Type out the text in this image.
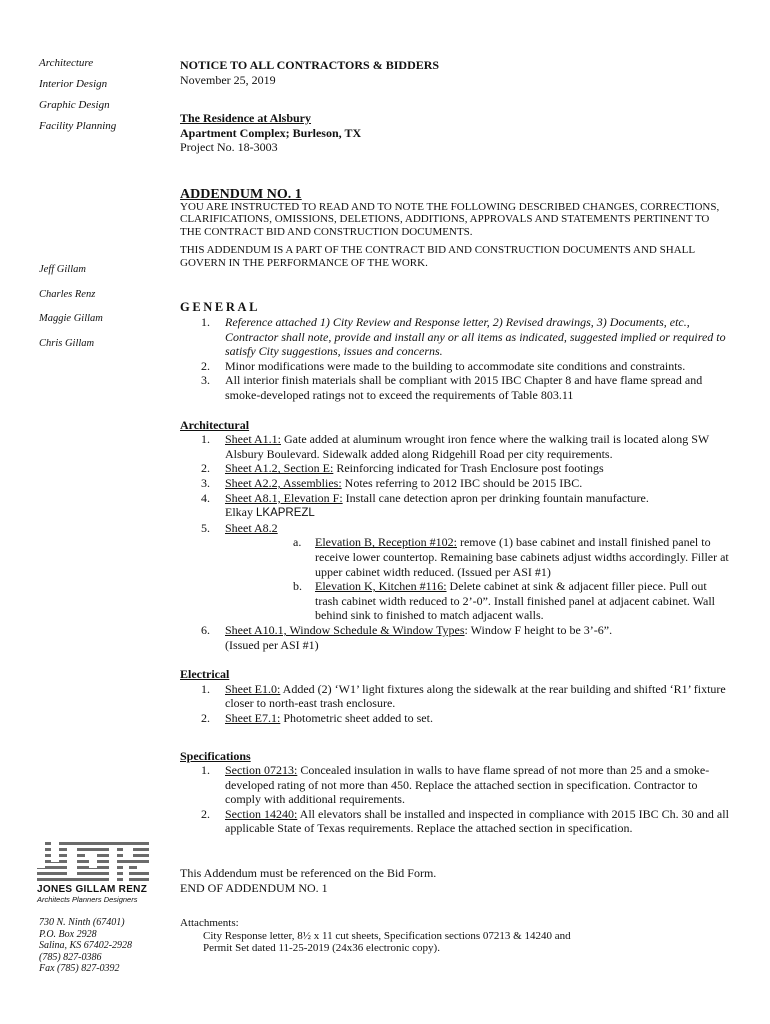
Architecture
Interior Design
Graphic Design
Facility Planning
Jeff Gillam
Charles Renz
Maggie Gillam
Chris Gillam
JONES GILLAM RENZ
Architects Planners Designers
730 N. Ninth (67401)
P.O. Box 2928
Salina, KS 67402-2928
(785) 827-0386
Fax (785) 827-0392
NOTICE TO ALL CONTRACTORS & BIDDERS
November 25, 2019
The Residence at Alsbury
Apartment Complex; Burleson, TX
Project No. 18-3003
ADDENDUM NO. 1
YOU ARE INSTRUCTED TO READ AND TO NOTE THE FOLLOWING DESCRIBED CHANGES, CORRECTIONS, CLARIFICATIONS, OMISSIONS, DELETIONS, ADDITIONS, APPROVALS AND STATEMENTS PERTINENT TO THE CONTRACT BID AND CONSTRUCTION DOCUMENTS.
THIS ADDENDUM IS A PART OF THE CONTRACT BID AND CONSTRUCTION DOCUMENTS AND SHALL GOVERN IN THE PERFORMANCE OF THE WORK.
GENERAL
1. Reference attached 1) City Review and Response letter, 2) Revised drawings, 3) Documents, etc., Contractor shall note, provide and install any or all items as indicated, suggested implied or required to satisfy City suggestions, issues and concerns.
2. Minor modifications were made to the building to accommodate site conditions and constraints.
3. All interior finish materials shall be compliant with 2015 IBC Chapter 8 and have flame spread and smoke-developed ratings not to exceed the requirements of Table 803.11
Architectural
1. Sheet A1.1: Gate added at aluminum wrought iron fence where the walking trail is located along SW Alsbury Boulevard. Sidewalk added along Ridgehill Road per city requirements.
2. Sheet A1.2, Section E: Reinforcing indicated for Trash Enclosure post footings
3. Sheet A2.2, Assemblies: Notes referring to 2012 IBC should be 2015 IBC.
4. Sheet A8.1, Elevation F: Install cane detection apron per drinking fountain manufacture.
Elkay LKAPREZL
5. Sheet A8.2
a. Elevation B, Reception #102: remove (1) base cabinet and install finished panel to receive lower countertop. Remaining base cabinets adjust widths accordingly. Filler at upper cabinet width reduced. (Issued per ASI #1)
b. Elevation K, Kitchen #116: Delete cabinet at sink & adjacent filler piece. Pull out trash cabinet width reduced to 2’-0”. Install finished panel at adjacent cabinet. Wall behind sink to finished to match adjacent walls.
6. Sheet A10.1, Window Schedule & Window Types: Window F height to be 3’-6”.
(Issued per ASI #1)
Electrical
1. Sheet E1.0: Added (2) ‘W1’ light fixtures along the sidewalk at the rear building and shifted ‘R1’ fixture closer to north-east trash enclosure.
2. Sheet E7.1: Photometric sheet added to set.
Specifications
1. Section 07213: Concealed insulation in walls to have flame spread of not more than 25 and a smoke-developed rating of not more than 450. Replace the attached section in specification. Contractor to comply with additional requirements.
2. Section 14240: All elevators shall be installed and inspected in compliance with 2015 IBC Ch. 30 and all applicable State of Texas requirements. Replace the attached section in specification.
This Addendum must be referenced on the Bid Form.
END OF ADDENDUM NO. 1
Attachments:
City Response letter, 8½ x 11 cut sheets, Specification sections 07213 & 14240 and
Permit Set dated 11-25-2019 (24x36 electronic copy).
